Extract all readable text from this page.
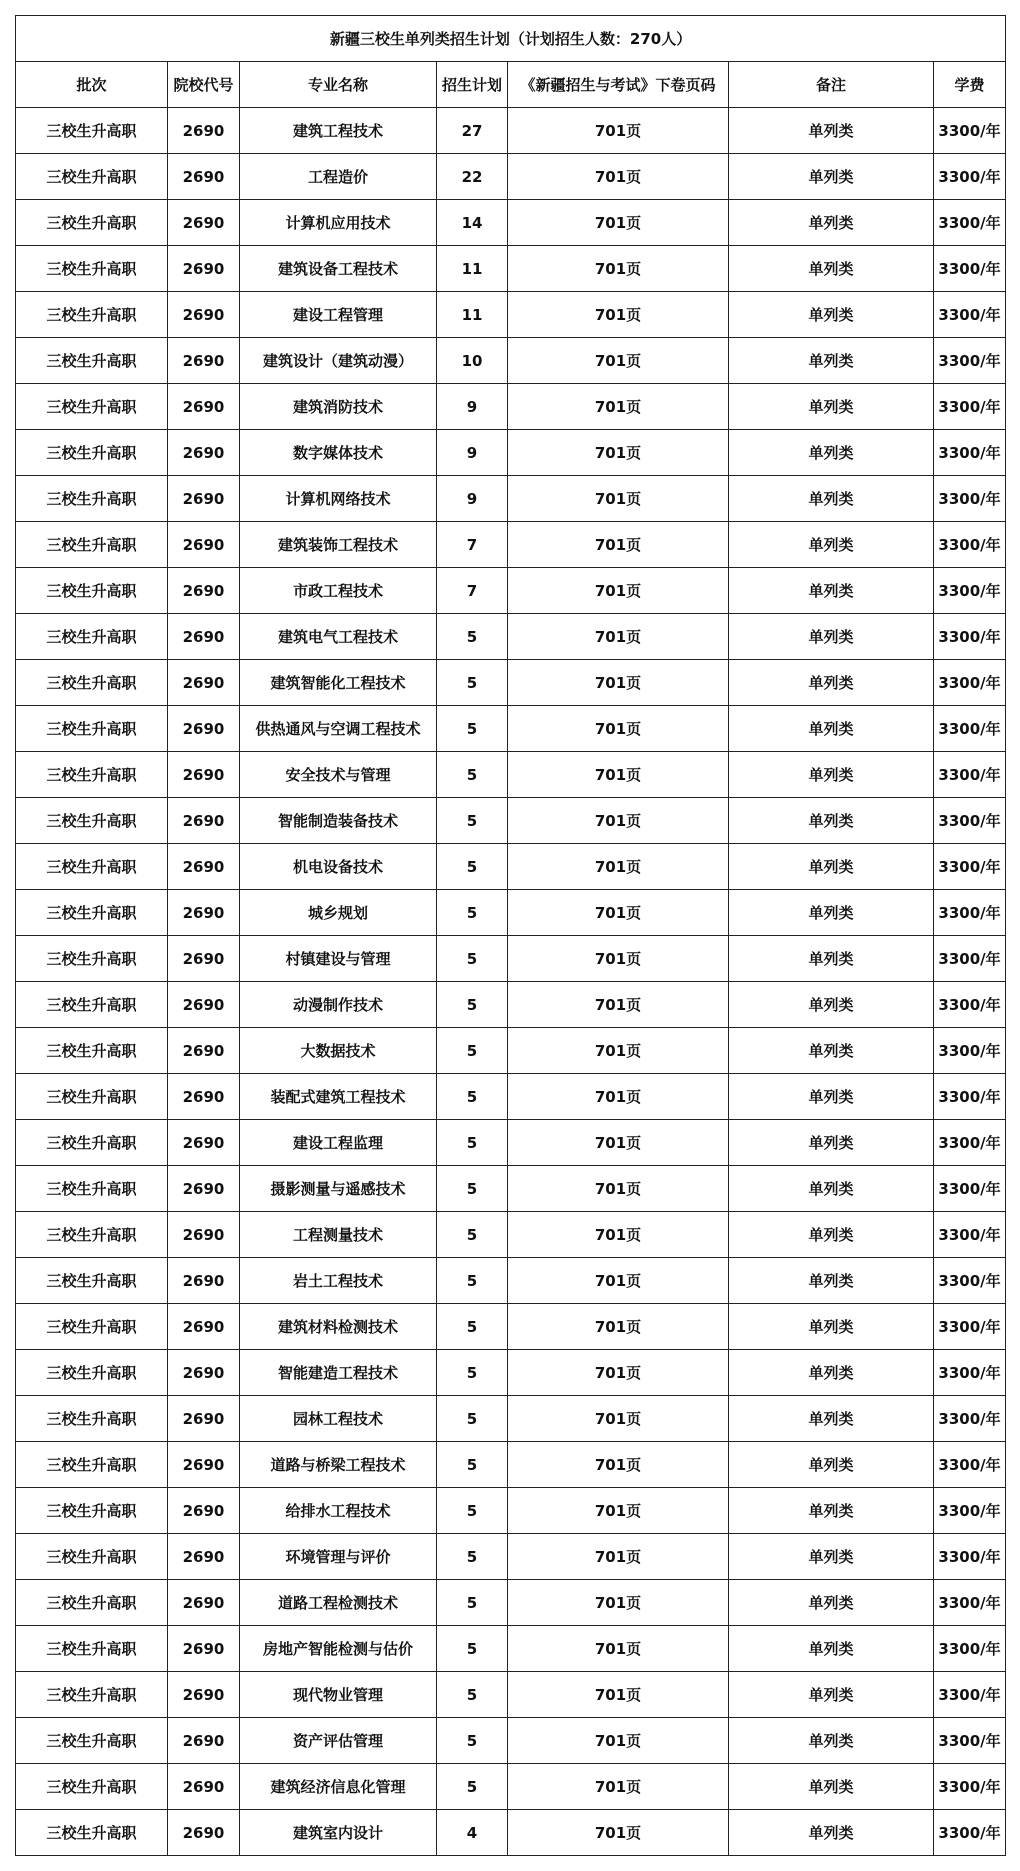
新疆三校生单列类招生计划（计划招生人数：270人）						
批次	院校代号	专业名称	招生计划	《新疆招生与考试》下卷页码	备注	学费
三校生升高职	2690	建筑工程技术	27	701页	单列类	3300/年
三校生升高职	2690	工程造价	22	701页	单列类	3300/年
三校生升高职	2690	计算机应用技术	14	701页	单列类	3300/年
三校生升高职	2690	建筑设备工程技术	11	701页	单列类	3300/年
三校生升高职	2690	建设工程管理	11	701页	单列类	3300/年
三校生升高职	2690	建筑设计（建筑动漫）	10	701页	单列类	3300/年
三校生升高职	2690	建筑消防技术	9	701页	单列类	3300/年
三校生升高职	2690	数字媒体技术	9	701页	单列类	3300/年
三校生升高职	2690	计算机网络技术	9	701页	单列类	3300/年
三校生升高职	2690	建筑装饰工程技术	7	701页	单列类	3300/年
三校生升高职	2690	市政工程技术	7	701页	单列类	3300/年
三校生升高职	2690	建筑电气工程技术	5	701页	单列类	3300/年
三校生升高职	2690	建筑智能化工程技术	5	701页	单列类	3300/年
三校生升高职	2690	供热通风与空调工程技术	5	701页	单列类	3300/年
三校生升高职	2690	安全技术与管理	5	701页	单列类	3300/年
三校生升高职	2690	智能制造装备技术	5	701页	单列类	3300/年
三校生升高职	2690	机电设备技术	5	701页	单列类	3300/年
三校生升高职	2690	城乡规划	5	701页	单列类	3300/年
三校生升高职	2690	村镇建设与管理	5	701页	单列类	3300/年
三校生升高职	2690	动漫制作技术	5	701页	单列类	3300/年
三校生升高职	2690	大数据技术	5	701页	单列类	3300/年
三校生升高职	2690	装配式建筑工程技术	5	701页	单列类	3300/年
三校生升高职	2690	建设工程监理	5	701页	单列类	3300/年
三校生升高职	2690	摄影测量与遥感技术	5	701页	单列类	3300/年
三校生升高职	2690	工程测量技术	5	701页	单列类	3300/年
三校生升高职	2690	岩土工程技术	5	701页	单列类	3300/年
三校生升高职	2690	建筑材料检测技术	5	701页	单列类	3300/年
三校生升高职	2690	智能建造工程技术	5	701页	单列类	3300/年
三校生升高职	2690	园林工程技术	5	701页	单列类	3300/年
三校生升高职	2690	道路与桥梁工程技术	5	701页	单列类	3300/年
三校生升高职	2690	给排水工程技术	5	701页	单列类	3300/年
三校生升高职	2690	环境管理与评价	5	701页	单列类	3300/年
三校生升高职	2690	道路工程检测技术	5	701页	单列类	3300/年
三校生升高职	2690	房地产智能检测与估价	5	701页	单列类	3300/年
三校生升高职	2690	现代物业管理	5	701页	单列类	3300/年
三校生升高职	2690	资产评估管理	5	701页	单列类	3300/年
三校生升高职	2690	建筑经济信息化管理	5	701页	单列类	3300/年
三校生升高职	2690	建筑室内设计	4	701页	单列类	3300/年
